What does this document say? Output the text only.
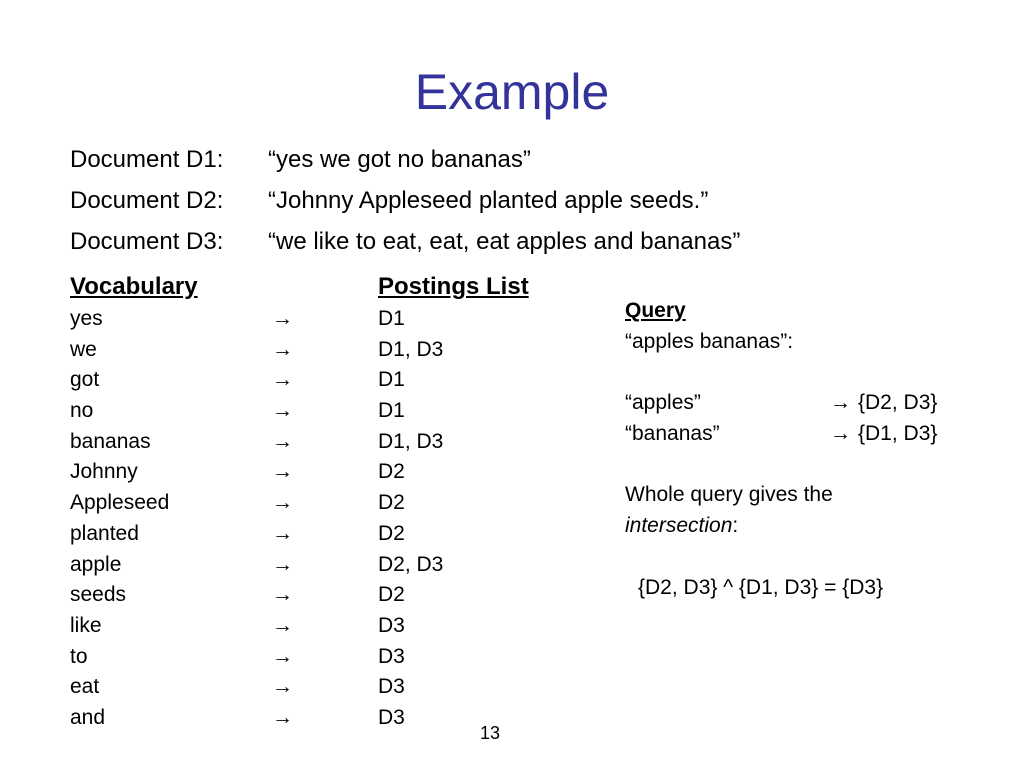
Example
Document D1: “yes we got no bananas”
Document D2: “Johnny Appleseed planted apple seeds.”
Document D3: “we like to eat, eat, eat apples and bananas”
Vocabulary	Postings List
yes	→	D1
we	→	D1, D3
got	→	D1
no	→	D1
bananas	→	D1, D3
Johnny	→	D2
Appleseed	→	D2
planted	→	D2
apple	→	D2, D3
seeds	→	D2
like	→	D3
to	→	D3
eat	→	D3
and	→	D3
Query
“apples bananas”:
“apples”	→ {D2, D3}
“bananas”	→ {D1, D3}
Whole query gives the
intersection:
{D2, D3} ^ {D1, D3} = {D3}
13
